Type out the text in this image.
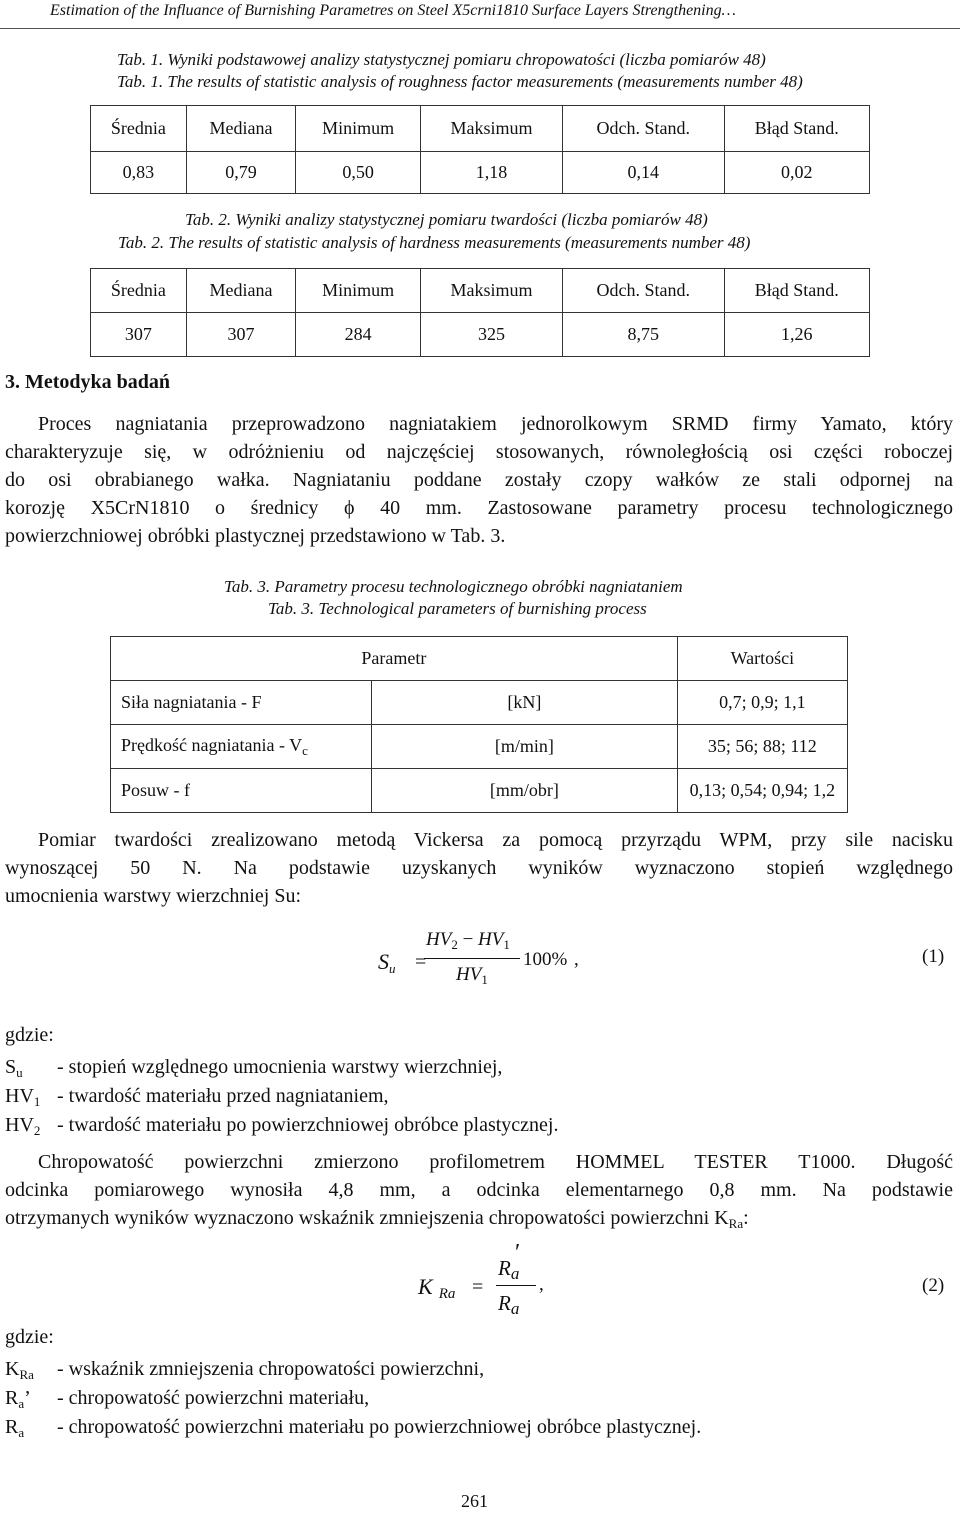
Estimation of the Influance of Burnishing Parametres on Steel X5crni1810 Surface Layers Strengthening…
Tab. 1. Wyniki podstawowej analizy statystycznej pomiaru chropowatości (liczba pomiarów 48)
Tab. 1. The results of statistic analysis of roughness factor measurements (measurements number 48)
Średnia	Mediana	Minimum	Maksimum	Odch. Stand.	Błąd Stand.
0,83	0,79	0,50	1,18	0,14	0,02
Tab. 2. Wyniki analizy statystycznej pomiaru twardości (liczba pomiarów 48)
Tab. 2. The results of statistic analysis of hardness measurements (measurements number 48)
Średnia	Mediana	Minimum	Maksimum	Odch. Stand.	Błąd Stand.
307	307	284	325	8,75	1,26
3. Metodyka badań
Proces nagniatania przeprowadzono nagniatakiem jednorolkowym SRMD firmy Yamato, który
charakteryzuje się, w odróżnieniu od najczęściej stosowanych, równoległością osi części roboczej
do osi obrabianego wałka. Nagniataniu poddane zostały czopy wałków ze stali odpornej na
korozję X5CrN1810 o średnicy ϕ 40 mm. Zastosowane parametry procesu technologicznego
powierzchniowej obróbki plastycznej przedstawiono w Tab. 3.
Tab. 3. Parametry procesu technologicznego obróbki nagniataniem
Tab. 3. Technological parameters of burnishing process
Parametr		Wartości
Siła nagniatania - F	[kN]	0,7; 0,9; 1,1
Prędkość nagniatania - $V_c$	[m/min]	35; 56; 88; 112
Posuw - f	[mm/obr]	0,13; 0,54; 0,94; 1,2
Pomiar twardości zrealizowano metodą Vickersa za pomocą przyrządu WPM, przy sile nacisku
wynoszącej 50 N. Na podstawie uzyskanych wyników wyznaczono stopień względnego
umocnienia warstwy wierzchniej Su:
$S_u$ =
$HV_2 - HV_1$
$HV_1$
100% ,	(1)
gdzie:
$S_u$ - stopień względnego umocnienia warstwy wierzchniej,
$HV_1$ - twardość materiału przed nagniataniem,
$HV_2$ - twardość materiału po powierzchniowej obróbce plastycznej.
Chropowatość powierzchni zmierzono profilometrem HOMMEL TESTER T1000. Długość
odcinka pomiarowego wynosiła 4,8 mm, a odcinka elementarnego 0,8 mm. Na podstawie
otrzymanych wyników wyznaczono wskaźnik zmniejszenia chropowatości powierzchni $K_{Ra}$:
K $_{Ra}$ =
$R_a$
′
$R_a$
,	(2)
gdzie:
$K_{Ra}$ - wskaźnik zmniejszenia chropowatości powierzchni,
$R_a$’ - chropowatość powierzchni materiału,
$R_a$ - chropowatość powierzchni materiału po powierzchniowej obróbce plastycznej.
261
